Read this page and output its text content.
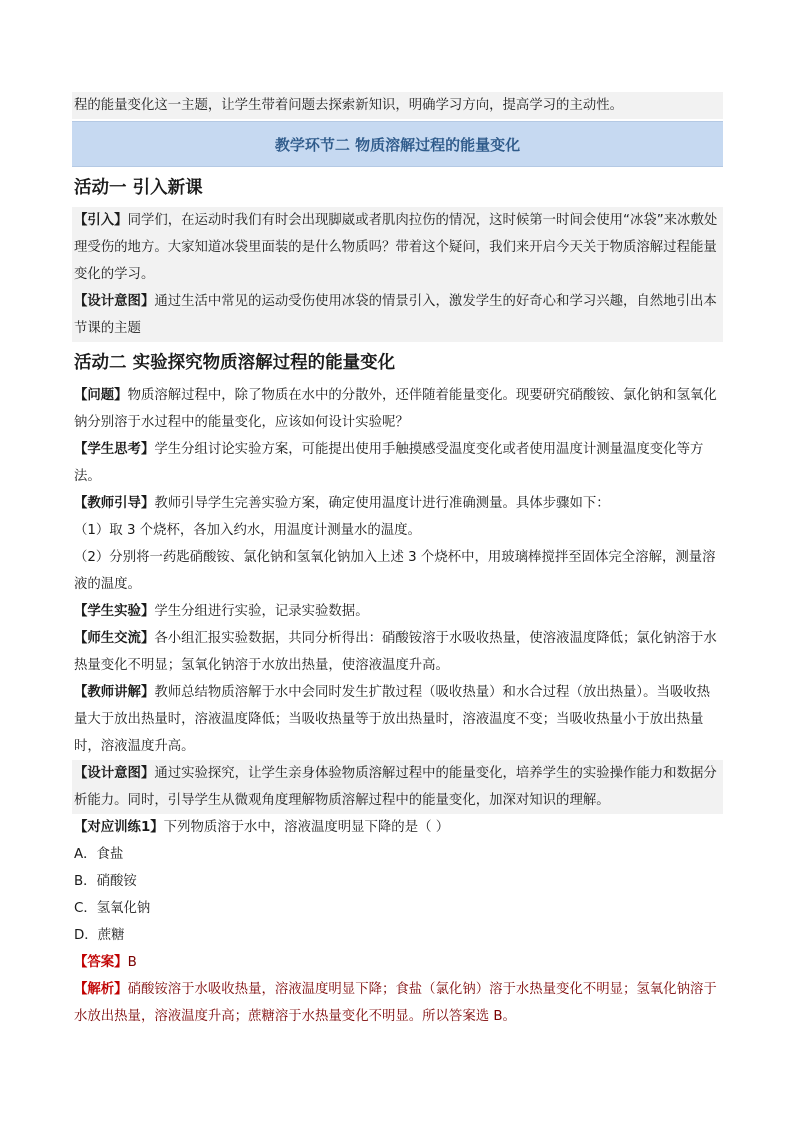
程的能量变化这一主题，让学生带着问题去探索新知识，明确学习方向，提高学习的主动性。

教学环节二 物质溶解过程的能量变化
活动一 引入新课

【引入】同学们，在运动时我们有时会出现脚崴或者肌肉拉伤的情况，这时候第一时间会使用“冰袋”来冰敷处理受伤的地方。大家知道冰袋里面装的是什么物质吗？带着这个疑问，我们来开启今天关于物质溶解过程能量变化的学习。

【设计意图】通过生活中常见的运动受伤使用冰袋的情景引入，激发学生的好奇心和学习兴趣，自然地引出本节课的主题

活动二 实验探究物质溶解过程的能量变化

【问题】物质溶解过程中，除了物质在水中的分散外，还伴随着能量变化。现要研究硝酸铵、氯化钠和氢氧化钠分别溶于水过程中的能量变化，应该如何设计实验呢？

【学生思考】学生分组讨论实验方案，可能提出使用手触摸感受温度变化或者使用温度计测量温度变化等方法。

【教师引导】教师引导学生完善实验方案，确定使用温度计进行准确测量。具体步骤如下：

（1）取 3 个烧杯，各加入约水，用温度计测量水的温度。

（2）分别将一药匙硝酸铵、氯化钠和氢氧化钠加入上述 3 个烧杯中，用玻璃棒搅拌至固体完全溶解，测量溶液的温度。

【学生实验】学生分组进行实验，记录实验数据。

【师生交流】各小组汇报实验数据，共同分析得出：硝酸铵溶于水吸收热量，使溶液温度降低；氯化钠溶于水热量变化不明显；氢氧化钠溶于水放出热量，使溶液温度升高。

【教师讲解】教师总结物质溶解于水中会同时发生扩散过程（吸收热量）和水合过程（放出热量）。当吸收热量大于放出热量时，溶液温度降低；当吸收热量等于放出热量时，溶液温度不变；当吸收热量小于放出热量时，溶液温度升高。

【设计意图】通过实验探究，让学生亲身体验物质溶解过程中的能量变化，培养学生的实验操作能力和数据分析能力。同时，引导学生从微观角度理解物质溶解过程中的能量变化，加深对知识的理解。

【对应训练1】下列物质溶于水中，溶液温度明显下降的是（ ）

A．食盐
B．硝酸铵
C．氢氧化钠
D．蔗糖

【答案】B

【解析】硝酸铵溶于水吸收热量，溶液温度明显下降；食盐（氯化钠）溶于水热量变化不明显；氢氧化钠溶于水放出热量，溶液温度升高；蔗糖溶于水热量变化不明显。所以答案选 B。
